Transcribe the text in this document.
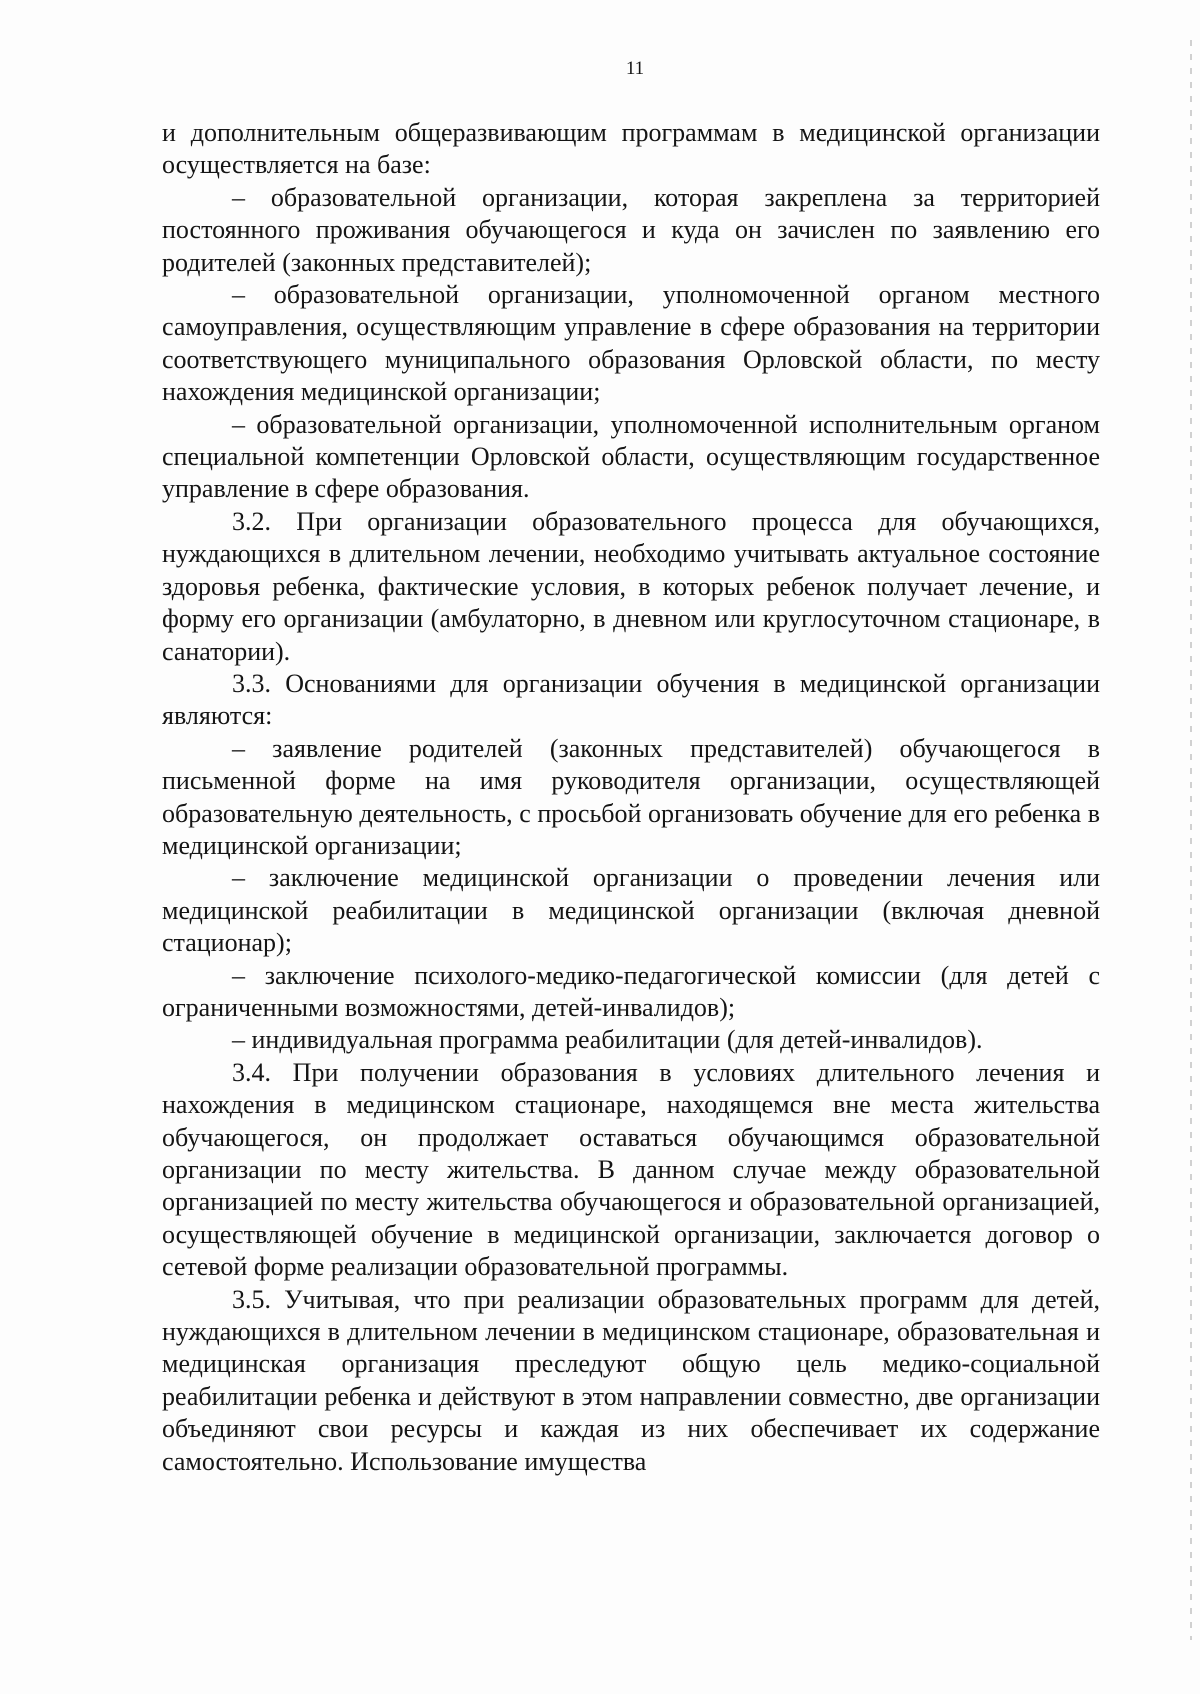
11

и дополнительным общеразвивающим программам в медицинской организации осуществляется на базе:

– образовательной организации, которая закреплена за территорией постоянного проживания обучающегося и куда он зачислен по заявлению его родителей (законных представителей);

– образовательной организации, уполномоченной органом местного самоуправления, осуществляющим управление в сфере образования на территории соответствующего муниципального образования Орловской области, по месту нахождения медицинской организации;

– образовательной организации, уполномоченной исполнительным органом специальной компетенции Орловской области, осуществляющим государственное управление в сфере образования.

3.2. При организации образовательного процесса для обучающихся, нуждающихся в длительном лечении, необходимо учитывать актуальное состояние здоровья ребенка, фактические условия, в которых ребенок получает лечение, и форму его организации (амбулаторно, в дневном или круглосуточном стационаре, в санатории).

3.3. Основаниями для организации обучения в медицинской организации являются:

– заявление родителей (законных представителей) обучающегося в письменной форме на имя руководителя организации, осуществляющей образовательную деятельность, с просьбой организовать обучение для его ребенка в медицинской организации;

– заключение медицинской организации о проведении лечения или медицинской реабилитации в медицинской организации (включая дневной стационар);

– заключение психолого-медико-педагогической комиссии (для детей с ограниченными возможностями, детей-инвалидов);

– индивидуальная программа реабилитации (для детей-инвалидов).

3.4. При получении образования в условиях длительного лечения и нахождения в медицинском стационаре, находящемся вне места жительства обучающегося, он продолжает оставаться обучающимся образовательной организации по месту жительства. В данном случае между образовательной организацией по месту жительства обучающегося и образовательной организацией, осуществляющей обучение в медицинской организации, заключается договор о сетевой форме реализации образовательной программы.

3.5. Учитывая, что при реализации образовательных программ для детей, нуждающихся в длительном лечении в медицинском стационаре, образовательная и медицинская организация преследуют общую цель медико-социальной реабилитации ребенка и действуют в этом направлении совместно, две организации объединяют свои ресурсы и каждая из них обеспечивает их содержание самостоятельно. Использование имущества
